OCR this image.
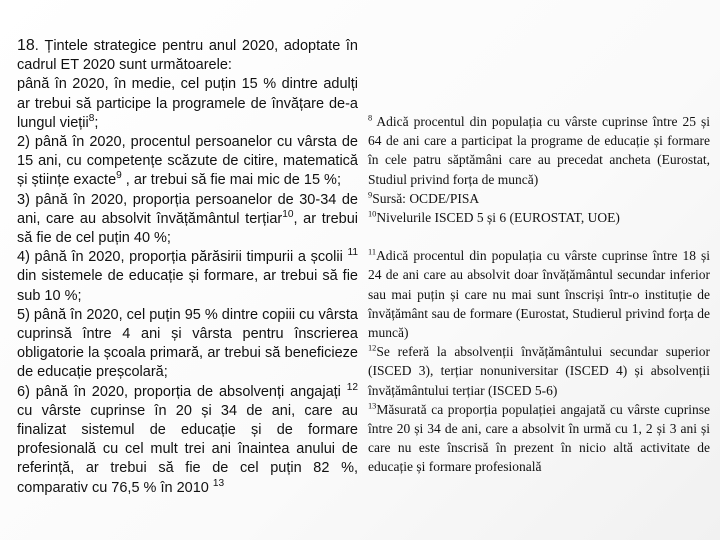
18. Țintele strategice pentru anul 2020, adoptate în cadrul ET 2020 sunt următoarele:

până în 2020, în medie, cel puțin 15 % dintre adulți ar trebui să participe la programele de învățare de-a lungul vieții$^8$;

2) până în 2020, procentul persoanelor cu vârsta de 15 ani, cu competențe scăzute de citire, matematică și științe exacte$^9$ , ar trebui să fie mai mic de 15 %;

3) până în 2020, proporția persoanelor de 30-34 de ani, care au absolvit învățământul terțiar$^{10}$, ar trebui să fie de cel puțin 40 %;

4) până în 2020, proporția părăsirii timpurii a școlii $^{11}$ din sistemele de educație și formare, ar trebui să fie sub 10 %;

5) până în 2020, cel puțin 95 % dintre copiii cu vârsta cuprinsă între 4 ani și vârsta pentru înscrierea obligatorie la școala primară, ar trebui să beneficieze de educație preșcolară;

6) până în 2020, proporția de absolvenți angajați $^{12}$ cu vârste cuprinse în 20 și 34 de ani, care au finalizat sistemul de educație și de formare profesională cu cel mult trei ani înaintea anului de referință, ar trebui să fie de cel puțin 82 %, comparativ cu 76,5 % în 2010 $^{13}$

$^8$ Adică procentul din populația cu vârste cuprinse între 25 și 64 de ani care a participat la programe de educație și formare în cele patru săptămâni care au precedat ancheta (Eurostat, Studiul privind forța de muncă)

$^9$Sursă: OCDE/PISA

$^{10}$Nivelurile ISCED 5 și 6 (EUROSTAT, UOE)

$^{11}$Adică procentul din populația cu vârste cuprinse între 18 și 24 de ani care au absolvit doar învățământul secundar inferior sau mai puțin și care nu mai sunt înscriși într-o instituție de învățământ sau de formare (Eurostat, Studierul privind forța de muncă)

$^{12}$Se referă la absolvenții învățământului secundar superior (ISCED 3), terțiar nonuniversitar (ISCED 4) și absolvenții învățământului terțiar (ISCED 5-6)

$^{13}$Măsurată ca proporția populației angajată cu vârste cuprinse între 20 și 34 de ani, care a absolvit în urmă cu 1, 2 și 3 ani și care nu este înscrisă în prezent în nicio altă activitate de educație și formare profesională
